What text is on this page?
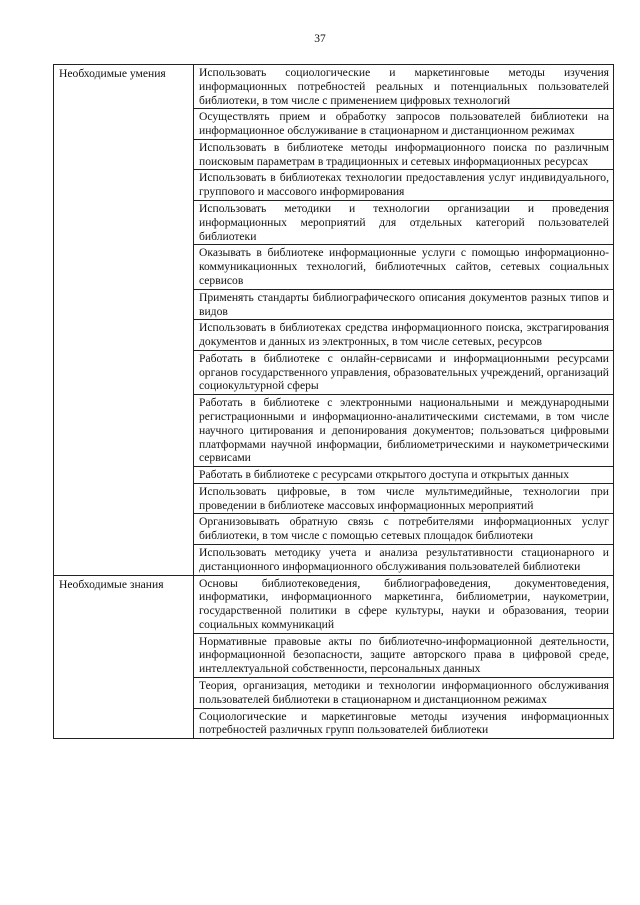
37
Необходимые умения	Использовать социологические и маркетинговые методы изучения информационных потребностей реальных и потенциальных пользователей библиотеки, в том числе с применением цифровых технологий
	Осуществлять прием и обработку запросов пользователей библиотеки на информационное обслуживание в стационарном и дистанционном режимах
	Использовать в библиотеке методы информационного поиска по различным поисковым параметрам в традиционных и сетевых информационных ресурсах
	Использовать в библиотеках технологии предоставления услуг индивидуального, группового и массового информирования
	Использовать методики и технологии организации и проведения информационных мероприятий для отдельных категорий пользователей библиотеки
	Оказывать в библиотеке информационные услуги с помощью информационно-коммуникационных технологий, библиотечных сайтов, сетевых социальных сервисов
	Применять стандарты библиографического описания документов разных типов и видов
	Использовать в библиотеках средства информационного поиска, экстрагирования документов и данных из электронных, в том числе сетевых, ресурсов
	Работать в библиотеке с онлайн-сервисами и информационными ресурсами органов государственного управления, образовательных учреждений, организаций социокультурной сферы
	Работать в библиотеке с электронными национальными и международными регистрационными и информационно-аналитическими системами, в том числе научного цитирования и депонирования документов; пользоваться цифровыми платформами научной информации, библиометрическими и наукометрическими сервисами
	Работать в библиотеке с ресурсами открытого доступа и открытых данных
	Использовать цифровые, в том числе мультимедийные, технологии при проведении в библиотеке массовых информационных мероприятий
	Организовывать обратную связь с потребителями информационных услуг библиотеки, в том числе с помощью сетевых площадок библиотеки
	Использовать методику учета и анализа результативности стационарного и дистанционного информационного обслуживания пользователей библиотеки
Необходимые знания	Основы библиотековедения, библиографоведения, документоведения, информатики, информационного маркетинга, библиометрии, наукометрии, государственной политики в сфере культуры, науки и образования, теории социальных коммуникаций
	Нормативные правовые акты по библиотечно-информационной деятельности, информационной безопасности, защите авторского права в цифровой среде, интеллектуальной собственности, персональных данных
	Теория, организация, методики и технологии информационного обслуживания пользователей библиотеки в стационарном и дистанционном режимах
	Социологические и маркетинговые методы изучения информационных потребностей различных групп пользователей библиотеки
